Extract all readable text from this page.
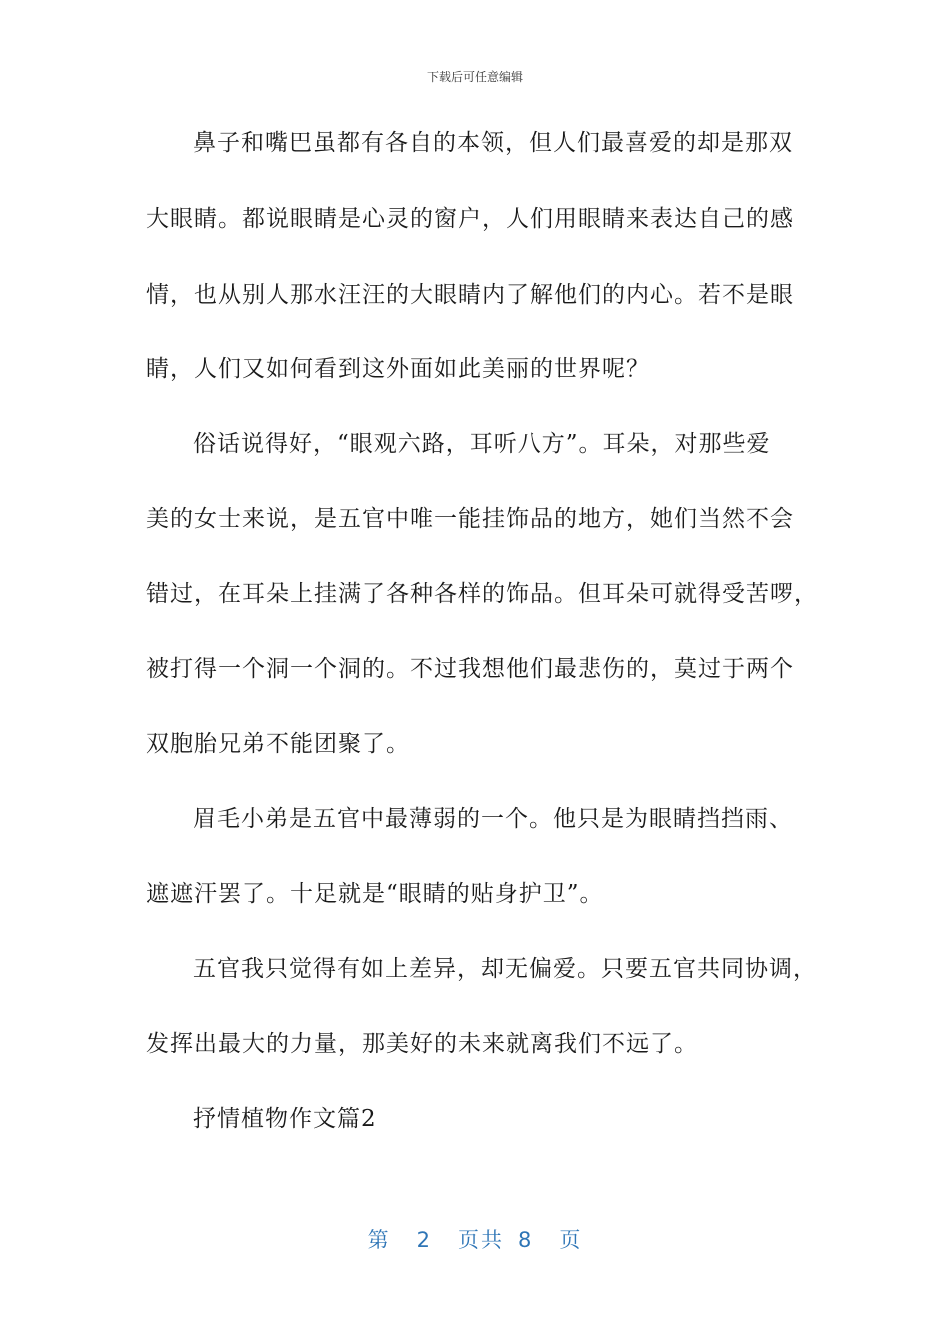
下载后可任意编辑
鼻子和嘴巴虽都有各自的本领，但人们最喜爱的却是那双
大眼睛。都说眼睛是心灵的窗户，人们用眼睛来表达自己的感
情，也从别人那水汪汪的大眼睛内了解他们的内心。若不是眼
睛，人们又如何看到这外面如此美丽的世界呢？
俗话说得好，“眼观六路，耳听八方”。耳朵，对那些爱
美的女士来说，是五官中唯一能挂饰品的地方，她们当然不会
错过，在耳朵上挂满了各种各样的饰品。但耳朵可就得受苦啰，
被打得一个洞一个洞的。不过我想他们最悲伤的，莫过于两个
双胞胎兄弟不能团聚了。
眉毛小弟是五官中最薄弱的一个。他只是为眼睛挡挡雨、
遮遮汗罢了。十足就是“眼睛的贴身护卫”。
五官我只觉得有如上差异，却无偏爱。只要五官共同协调，
发挥出最大的力量，那美好的未来就离我们不远了。
抒情植物作文篇2
第 2 页共 8 页
